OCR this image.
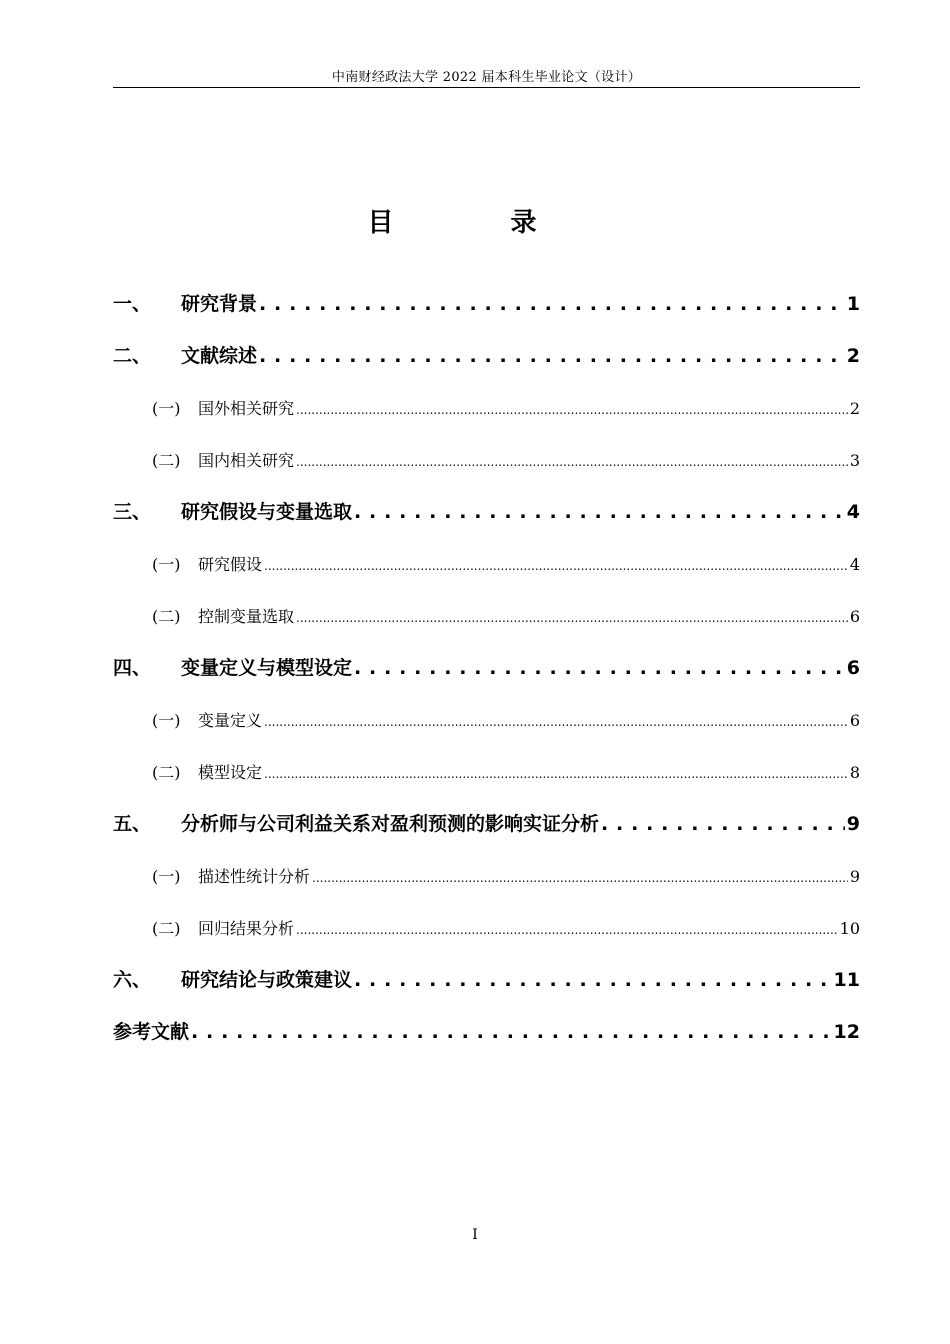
中南财经政法大学 2022 届本科生毕业论文（设计）
目 录
一、	研究背景 . . .	1
二、	文献综述 . . .	2
(一)	国外相关研究 .....	2
(二)	国内相关研究 .....	3
三、	研究假设与变量选取 . . .	4
(一)	研究假设 .....	4
(二)	控制变量选取 .....	6
四、	变量定义与模型设定 . . .	6
(一)	变量定义 .....	6
(二)	模型设定 .....	8
五、	分析师与公司利益关系对盈利预测的影响实证分析 . . .	9
(一)	描述性统计分析 .....	9
(二)	回归结果分析 .....	10
六、	研究结论与政策建议 . . .	11
参考文献 . . .	12
I
